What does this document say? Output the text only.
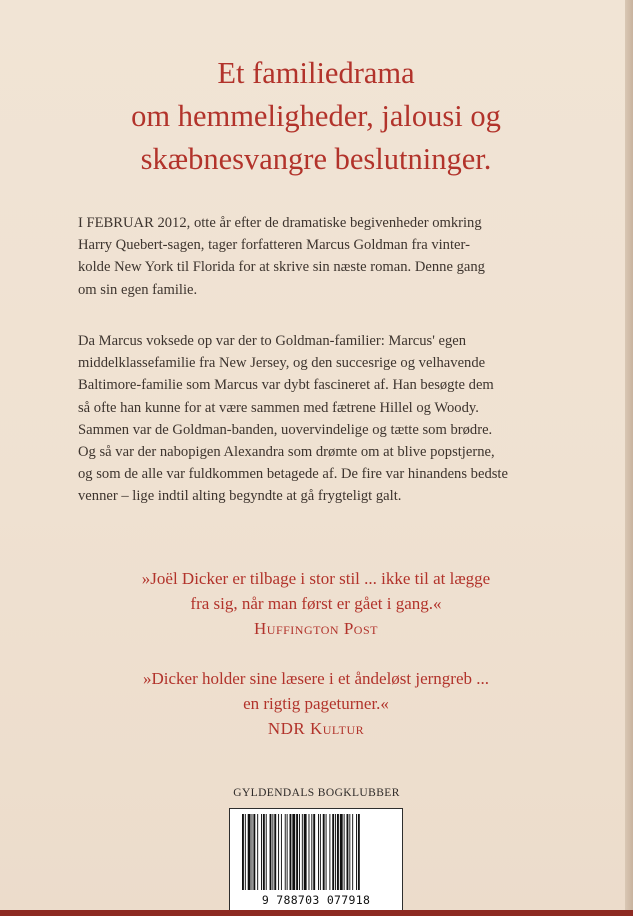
Et familiedrama
om hemmeligheder, jalousi og
skæbnesvangre beslutninger.
I FEBRUAR 2012, otte år efter de dramatiske begivenheder omkring
Harry Quebert-sagen, tager forfatteren Marcus Goldman fra vinter-
kolde New York til Florida for at skrive sin næste roman. Denne gang
om sin egen familie.
Da Marcus voksede op var der to Goldman-familier: Marcus' egen
middelklassefamilie fra New Jersey, og den succesrige og velhavende
Baltimore-familie som Marcus var dybt fascineret af. Han besøgte dem
så ofte han kunne for at være sammen med fætrene Hillel og Woody.
Sammen var de Goldman-banden, uovervindelige og tætte som brødre.
Og så var der nabopigen Alexandra som drømte om at blive popstjerne,
og som de alle var fuldkommen betagede af. De fire var hinandens bedste
venner – lige indtil alting begyndte at gå frygteligt galt.
»Joël Dicker er tilbage i stor stil ... ikke til at lægge
fra sig, når man først er gået i gang.«
Huffington Post
»Dicker holder sine læsere i et åndeløst jerngreb ...
en rigtig pageturner.«
NDR Kultur
GYLDENDALS BOGKLUBBER
9 788703 077918
